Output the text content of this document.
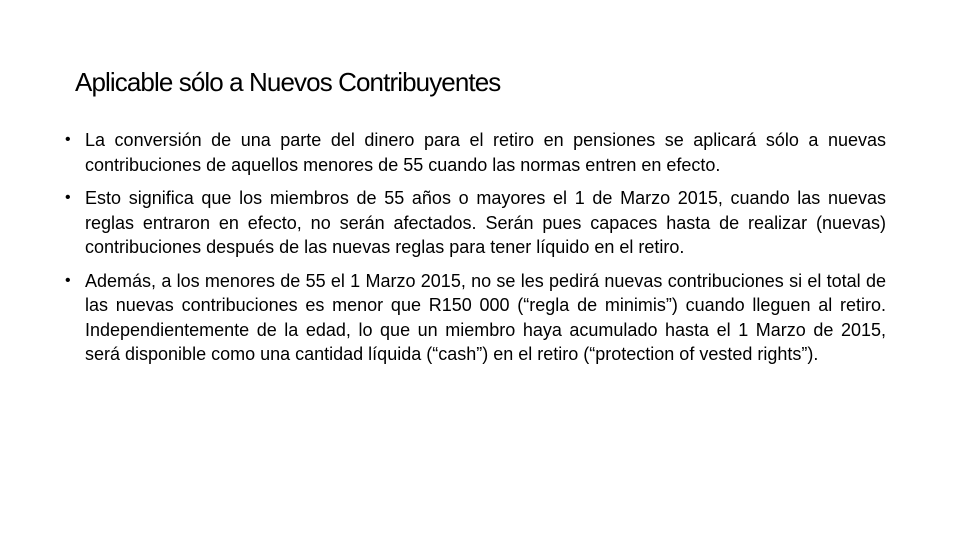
Aplicable sólo a Nuevos Contribuyentes
• La conversión de una parte del dinero para el retiro en pensiones se aplicará sólo a nuevas contribuciones de aquellos menores de 55 cuando las normas entren en efecto.
• Esto significa que los miembros de 55 años o mayores el 1 de Marzo 2015, cuando las nuevas reglas entraron en efecto, no serán afectados. Serán pues capaces hasta de realizar (nuevas) contribuciones después de las nuevas reglas para tener líquido en el retiro.
• Además, a los menores de 55 el 1 Marzo 2015, no se les pedirá nuevas contribuciones si el total de las nuevas contribuciones es menor que R150 000 (“regla de minimis”) cuando lleguen al retiro. Independientemente de la edad, lo que un miembro haya acumulado hasta el 1 Marzo de 2015, será disponible como una cantidad líquida (“cash”) en el retiro (“protection of vested rights”).
